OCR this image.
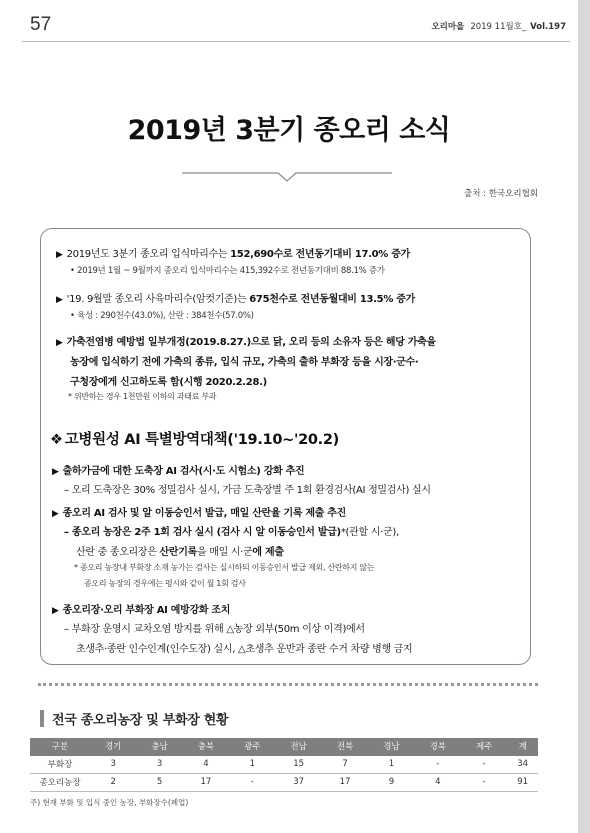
57	오리마을 2019 11월호_ Vol.197
2019년 3분기 종오리 소식
출처 : 한국오리협회
▶ 2019년도 3분기 종오리 입식마리수는 152,690수로 전년동기대비 17.0% 증가
• 2019년 1월 ~ 9월까지 종오리 입식마리수는 415,392수로 전년동기대비 88.1% 증가
▶ '19. 9월말 종오리 사육마리수(암컷기준)는 675천수로 전년동월대비 13.5% 증가
• 육성 : 290천수(43.0%), 산란 : 384천수(57.0%)
▶ 가축전염병 예방법 일부개정(2019.8.27.)으로 닭, 오리 등의 소유자 등은 해당 가축을
농장에 입식하기 전에 가축의 종류, 입식 규모, 가축의 출하 부화장 등을 시장·군수·
구청장에게 신고하도록 함(시행 2020.2.28.)
* 위반하는 경우 1천만원 이하의 과태료 부과
❖ 고병원성 AI 특별방역대책('19.10~'20.2)
▶ 출하가금에 대한 도축장 AI 검사(시·도 시험소) 강화 추진
– 오리 도축장은 30% 정밀검사 실시, 가금 도축장별 주 1회 환경검사(AI 정밀검사) 실시
▶ 종오리 AI 검사 및 알 이동승인서 발급, 매일 산란율 기록 제출 추진
– 종오리 농장은 2주 1회 검사 실시 (검사 시 알 이동승인서 발급)*(관할 시·군),
산란 중 종오리장은 산란기록을 매일 시·군에 제출
* 종오리 농장내 부화장 소재 농가는 검사는 실시하되 이동승인서 발급 제외, 산란하지 않는
종오리 농장의 경우에는 평시와 같이 월 1회 검사
▶ 종오리장·오리 부화장 AI 예방강화 조치
– 부화장 운영시 교차오염 방지를 위해 △농장 외부(50m 이상 이격)에서
초생추·종란 인수인계(인수도장) 실시, △초생추 운반과 종란 수거 차량 병행 금지
전국 종오리농장 및 부화장 현황
구분	경기	충남	충북	광주	전남	전북	경남	경북	제주	계
부화장	3	3	4	1	15	7	1	-	-	34
종오리농장	2	5	17	-	37	17	9	4	-	91
주) 현재 부화 및 입식 중인 농장, 부화장수(폐업)
